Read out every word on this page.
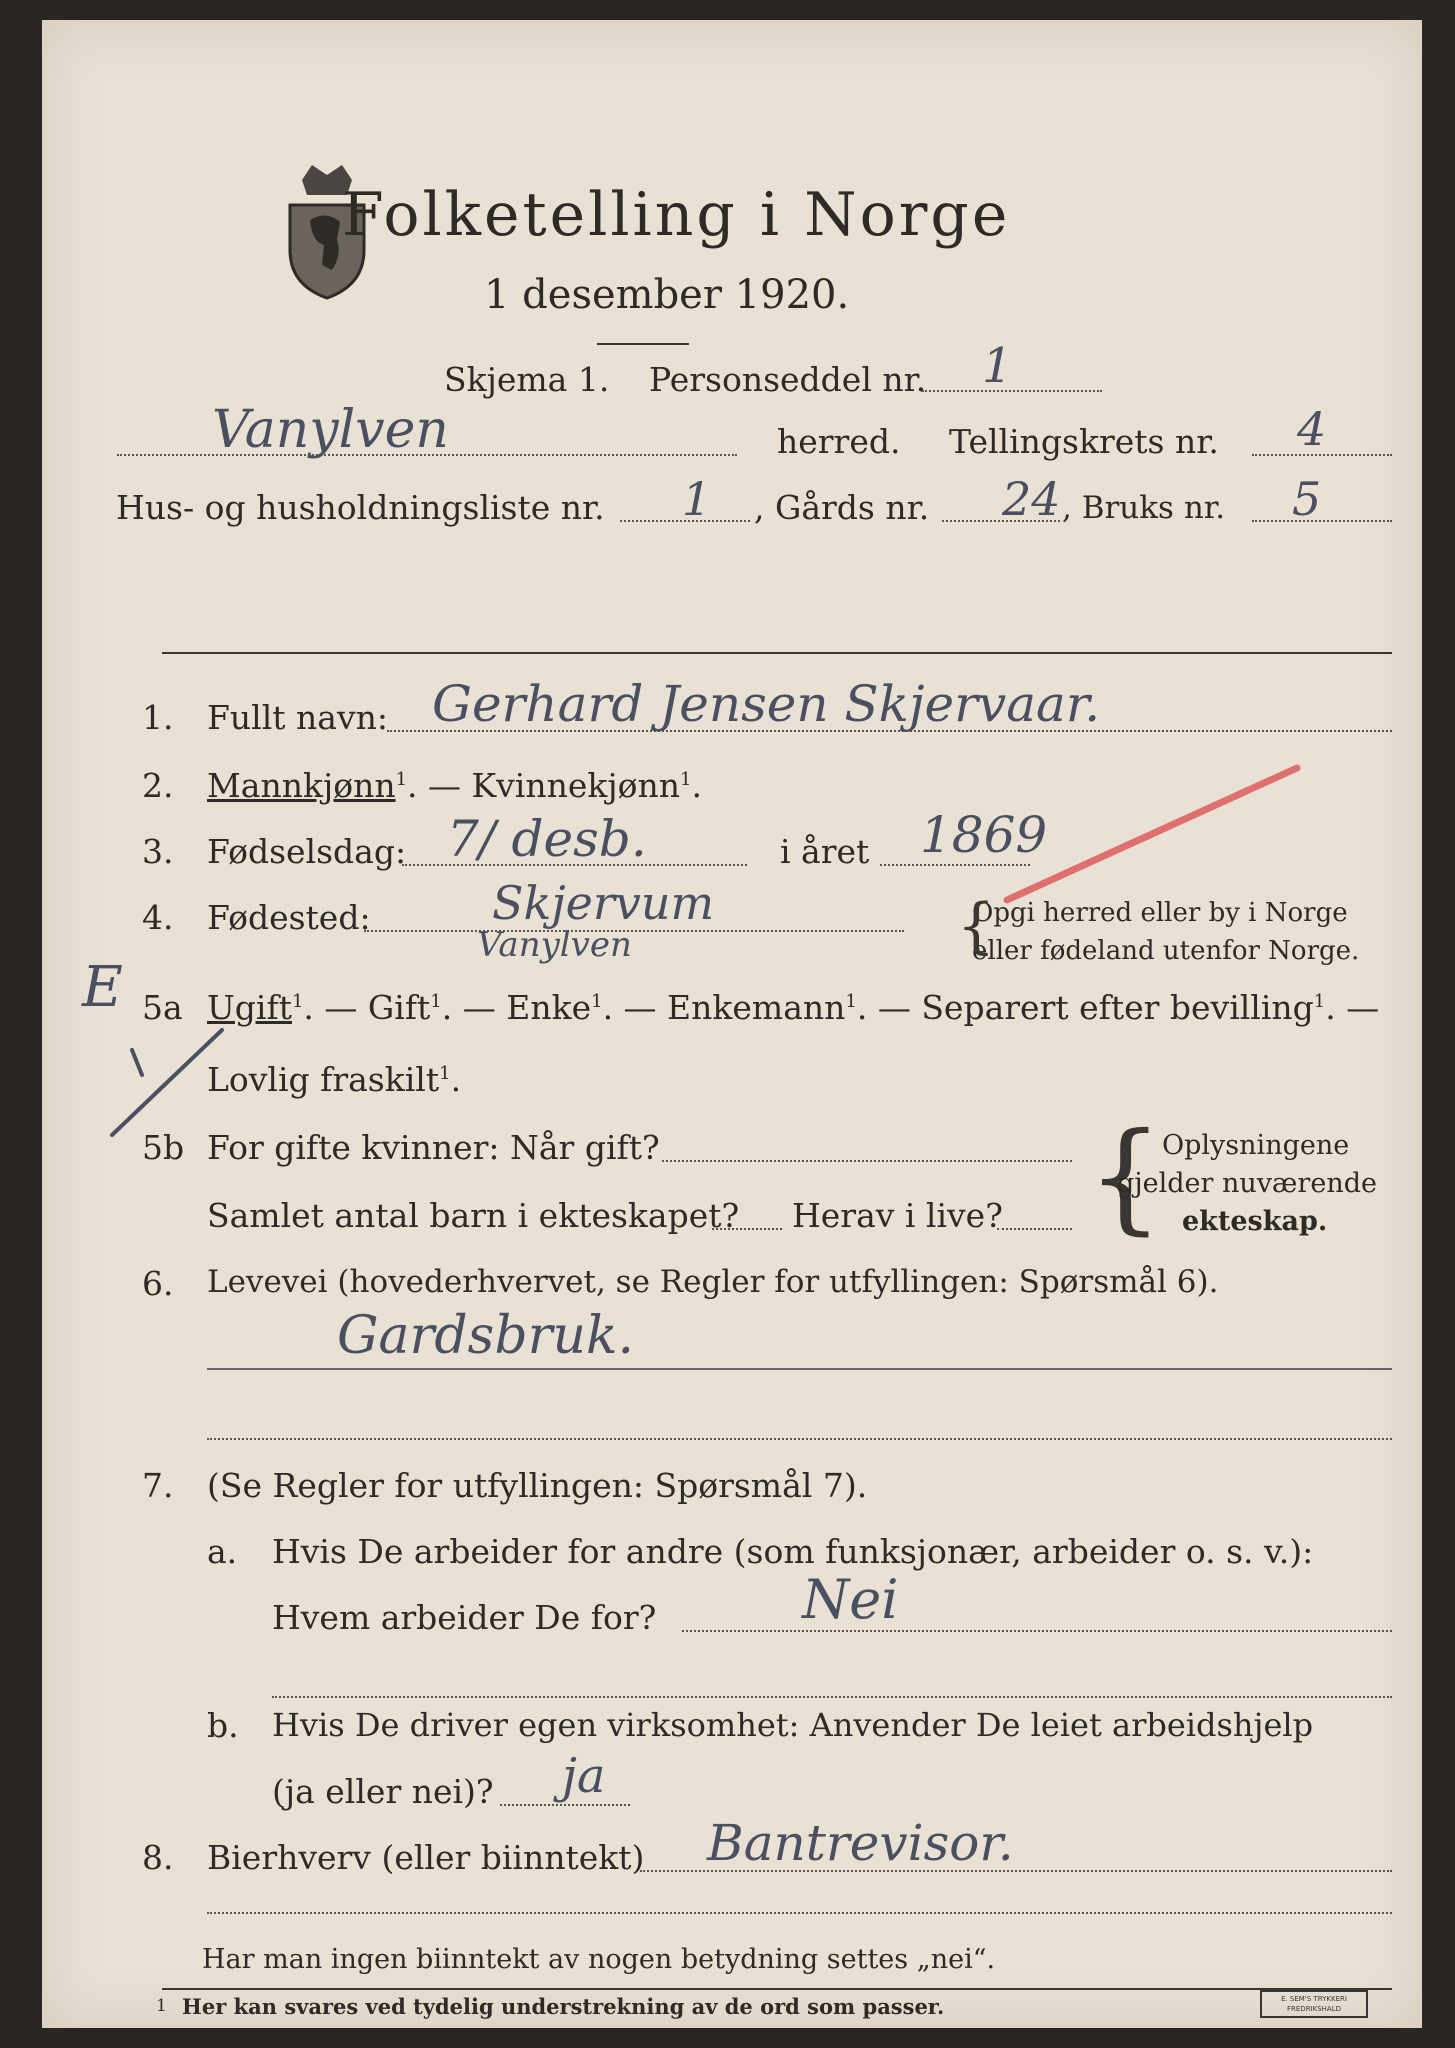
Folketelling i Norge
1 desember 1920.
Skjema 1. Personseddel nr. 1
Vanylven	herred. Tellingskrets nr. 4
Hus- og husholdningsliste nr. 1 , Gårds nr. 24 , Bruks nr. 5
1. Fullt navn: Gerhard Jensen Skjervaar.
2. Mannkjønn$^1$. — Kvinnekjønn$^1$.
3. Fødselsdag: 7/ desb.	i året 1869
4. Fødested:	Skjervum
Vanylven
Opgi herred eller by i Norge
eller fødeland utenfor Norge.
{
E 5a Ugift$^1$. — Gift$^1$. — Enke$^1$. — Enkemann$^1$. — Separert efter bevilling$^1$. —
Lovlig fraskilt$^1$.
5b For gifte kvinner: Når gift?
Samlet antal barn i ekteskapet? Herav i live? {
Oplysningene
gjelder nuværende
ekteskap.
6. Levevei (hovederhvervet, se Regler for utfyllingen: Spørsmål 6).
Gardsbruk.
7. (Se Regler for utfyllingen: Spørsmål 7).
a. Hvis De arbeider for andre (som funksjonær, arbeider o. s. v.):
Hvem arbeider De for?	Nei
b. Hvis De driver egen virksomhet: Anvender De leiet arbeidshjelp
(ja eller nei)? ja
8. Bierhverv (eller biinntekt) Bantrevisor.
Har man ingen biinntekt av nogen betydning settes „nei“.
1 Her kan svares ved tydelig understrekning av de ord som passer.	E. SEM'S TRYKKERI FREDRIKSHALD
